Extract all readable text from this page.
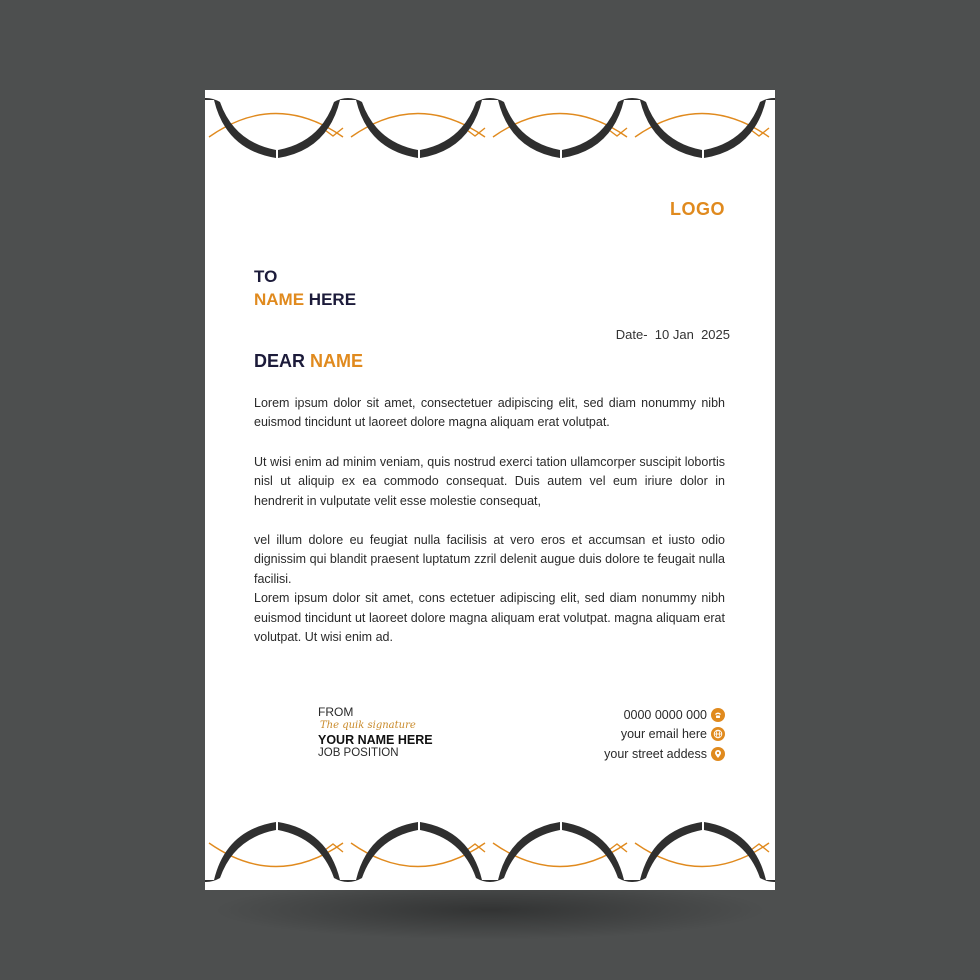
LOGO
TO
NAME HERE
Date-  10 Jan  2025
DEAR NAME

Lorem ipsum dolor sit amet, consectetuer adipiscing elit, sed diam nonummy nibh euismod tincidunt ut laoreet dolore magna aliquam erat volutpat.

Ut wisi enim ad minim veniam, quis nostrud exerci tation ullamcorper suscipit lobortis nisl ut aliquip ex ea commodo consequat. Duis autem vel eum iriure dolor in hendrerit in vulputate velit esse molestie consequat,

vel illum dolore eu feugiat nulla facilisis at vero eros et accumsan et iusto odio dignissim qui blandit praesent luptatum zzril delenit augue duis dolore te feugait nulla facilisi.

Lorem ipsum dolor sit amet, cons ectetuer adipiscing elit, sed diam nonummy nibh euismod tincidunt ut laoreet dolore magna aliquam erat volutpat. magna aliquam erat volutpat. Ut wisi enim ad.

FROM
The quik signature
YOUR NAME HERE
JOB POSITION
0000 0000 000
your email here
your street addess
